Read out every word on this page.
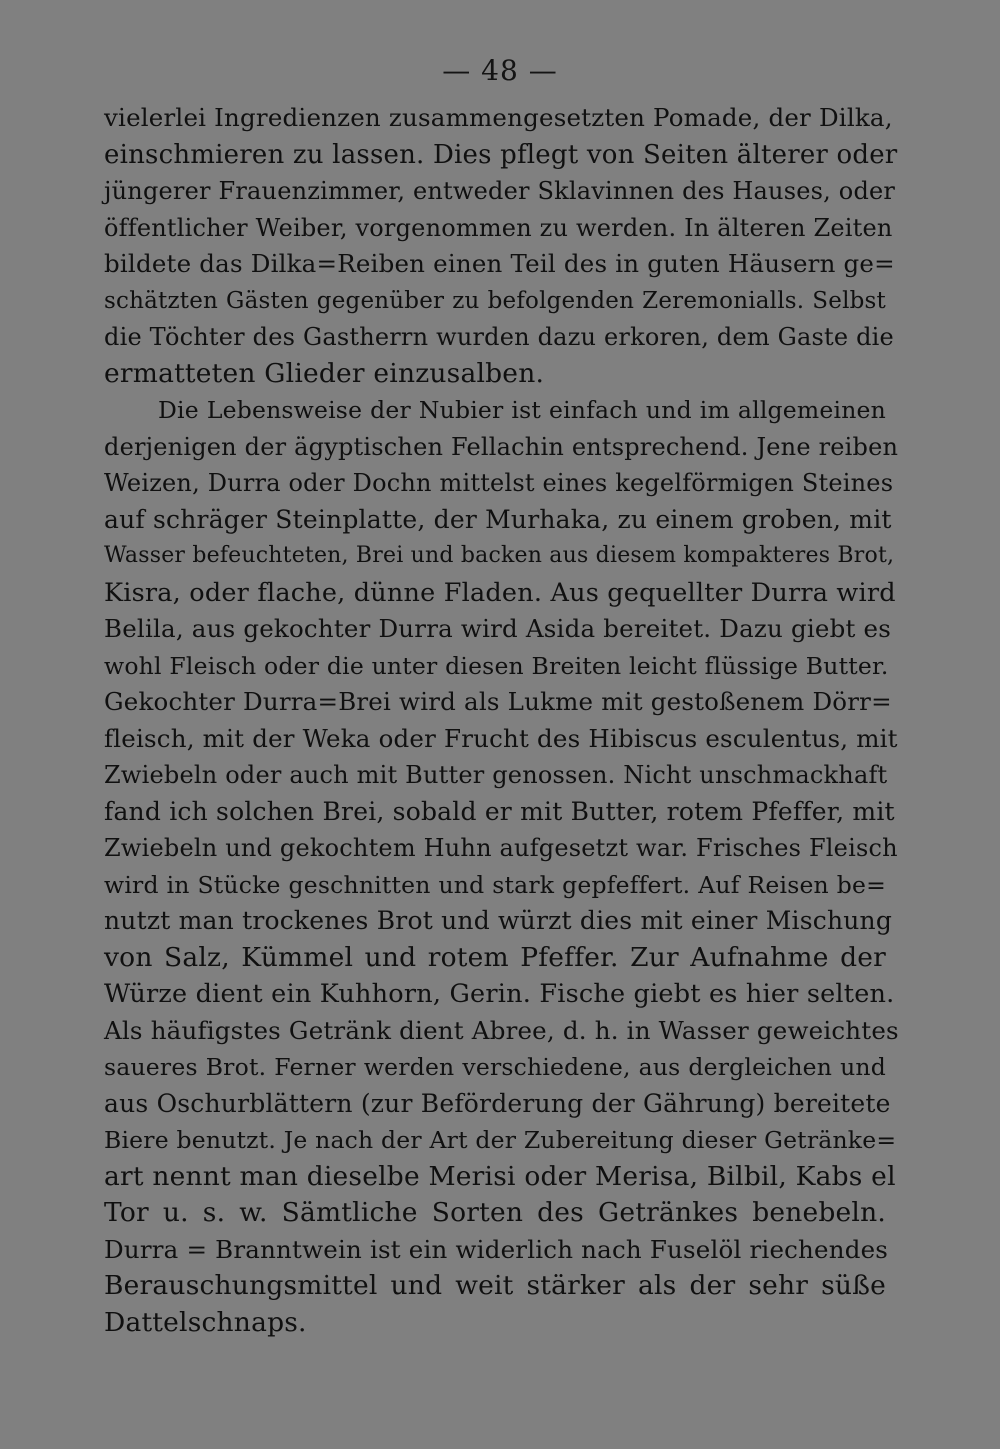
— 48 —
vielerlei Ingredienzen zusammengesetzten Pomade, der Dilka,
einschmieren zu lassen. Dies pflegt von Seiten älterer oder
jüngerer Frauenzimmer, entweder Sklavinnen des Hauses, oder
öffentlicher Weiber, vorgenommen zu werden. In älteren Zeiten
bildete das Dilka=Reiben einen Teil des in guten Häusern ge=
schätzten Gästen gegenüber zu befolgenden Zeremonialls. Selbst
die Töchter des Gastherrn wurden dazu erkoren, dem Gaste die
ermatteten Glieder einzusalben.
Die Lebensweise der Nubier ist einfach und im allgemeinen
derjenigen der ägyptischen Fellachin entsprechend. Jene reiben
Weizen, Durra oder Dochn mittelst eines kegelförmigen Steines
auf schräger Steinplatte, der Murhaka, zu einem groben, mit
Wasser befeuchteten, Brei und backen aus diesem kompakteres Brot,
Kisra, oder flache, dünne Fladen. Aus gequellter Durra wird
Belila, aus gekochter Durra wird Asida bereitet. Dazu giebt es
wohl Fleisch oder die unter diesen Breiten leicht flüssige Butter.
Gekochter Durra=Brei wird als Lukme mit gestoßenem Dörr=
fleisch, mit der Weka oder Frucht des Hibiscus esculentus, mit
Zwiebeln oder auch mit Butter genossen. Nicht unschmackhaft
fand ich solchen Brei, sobald er mit Butter, rotem Pfeffer, mit
Zwiebeln und gekochtem Huhn aufgesetzt war. Frisches Fleisch
wird in Stücke geschnitten und stark gepfeffert. Auf Reisen be=
nutzt man trockenes Brot und würzt dies mit einer Mischung
von Salz, Kümmel und rotem Pfeffer. Zur Aufnahme der
Würze dient ein Kuhhorn, Gerin. Fische giebt es hier selten.
Als häufigstes Getränk dient Abree, d. h. in Wasser geweichtes
saueres Brot. Ferner werden verschiedene, aus dergleichen und
aus Oschurblättern (zur Beförderung der Gährung) bereitete
Biere benutzt. Je nach der Art der Zubereitung dieser Getränke=
art nennt man dieselbe Merisi oder Merisa, Bilbil, Kabs el
Tor u. s. w. Sämtliche Sorten des Getränkes benebeln.
Durra = Branntwein ist ein widerlich nach Fuselöl riechendes
Berauschungsmittel und weit stärker als der sehr süße
Dattelschnaps.
